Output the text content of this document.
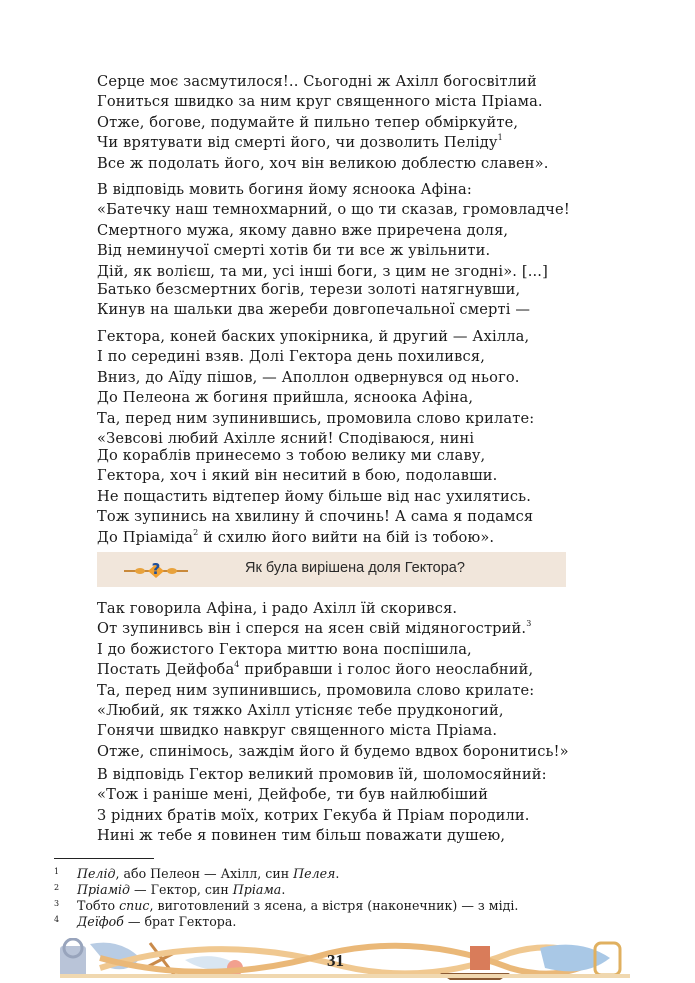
Серце моє засмутилося!.. Сьогодні ж Ахілл богосвітлий
Гониться швидко за ним круг священного міста Пріама.
Отже, богове, подумайте й пильно тепер обміркуйте,
Чи врятувати від смерті його, чи дозволить Пеліду$^1$
Все ж подолать його, хоч він великою доблестю славен».
В відповідь мовить богиня йому ясноока Афіна:
«Батечку наш темнохмарний, о що ти сказав, громовладче!
Смертного мужа, якому давно вже приречена доля,
Від неминучої смерті хотів би ти все ж увільнити.
Дій, як волієш, та ми, усі інші боги, з цим не згодні». [...]
Батько безсмертних богів, терези золоті натягнувши,
Кинув на шальки два жереби довгопечальної смерті —
Гектора, коней баских упокірника, й другий — Ахілла,
І по середині взяв. Долі Гектора день похилився,
Вниз, до Аїду пішов, — Аполлон одвернувся од нього.
До Пелеона ж богиня прийшла, ясноока Афіна,
Та, перед ним зупинившись, промовила слово крилате:
«Зевсові любий Ахілле ясний! Сподіваюся, нині
До кораблів принесемо з тобою велику ми славу,
Гектора, хоч і який він неситий в бою, подолавши.
Не пощастить відтепер йому більше від нас ухилятись.
Тож зупинись на хвилину й спочинь! А сама я подамся
До Пріаміда$^2$ й схилю його вийти на бій із тобою».
?	Як була вирішена доля Гектора?
Так говорила Афіна, і радо Ахілл їй скорився.
От зупинивсь він і сперся на ясен свій мідяногострий.$^3$
І до божистого Гектора миттю вона поспішила,
Постать Дейфоба$^4$ прибравши і голос його неослабний,
Та, перед ним зупинившись, промовила слово крилате:
«Любий, як тяжко Ахілл утісняє тебе прудконогий,
Гонячи швидко навкруг священного міста Пріама.
Отже, спинімось, заждім його й будемо вдвох боронитись!»
В відповідь Гектор великий промовив їй, шоломосяйний:
«Тож і раніше мені, Дейфобе, ти був найлюбіший
З рідних братів моїх, котрих Гекуба й Пріам породили.
Нині ж тебе я повинен тим більш поважати душею,
1	Пелід, або Пелеон — Ахілл, син Пелея.
2	Пріамід — Гектор, син Пріама.
3	Тобто спис, виготовлений з ясена, а вістря (наконечник) — з міді.
4	Деїфоб — брат Гектора.
31
